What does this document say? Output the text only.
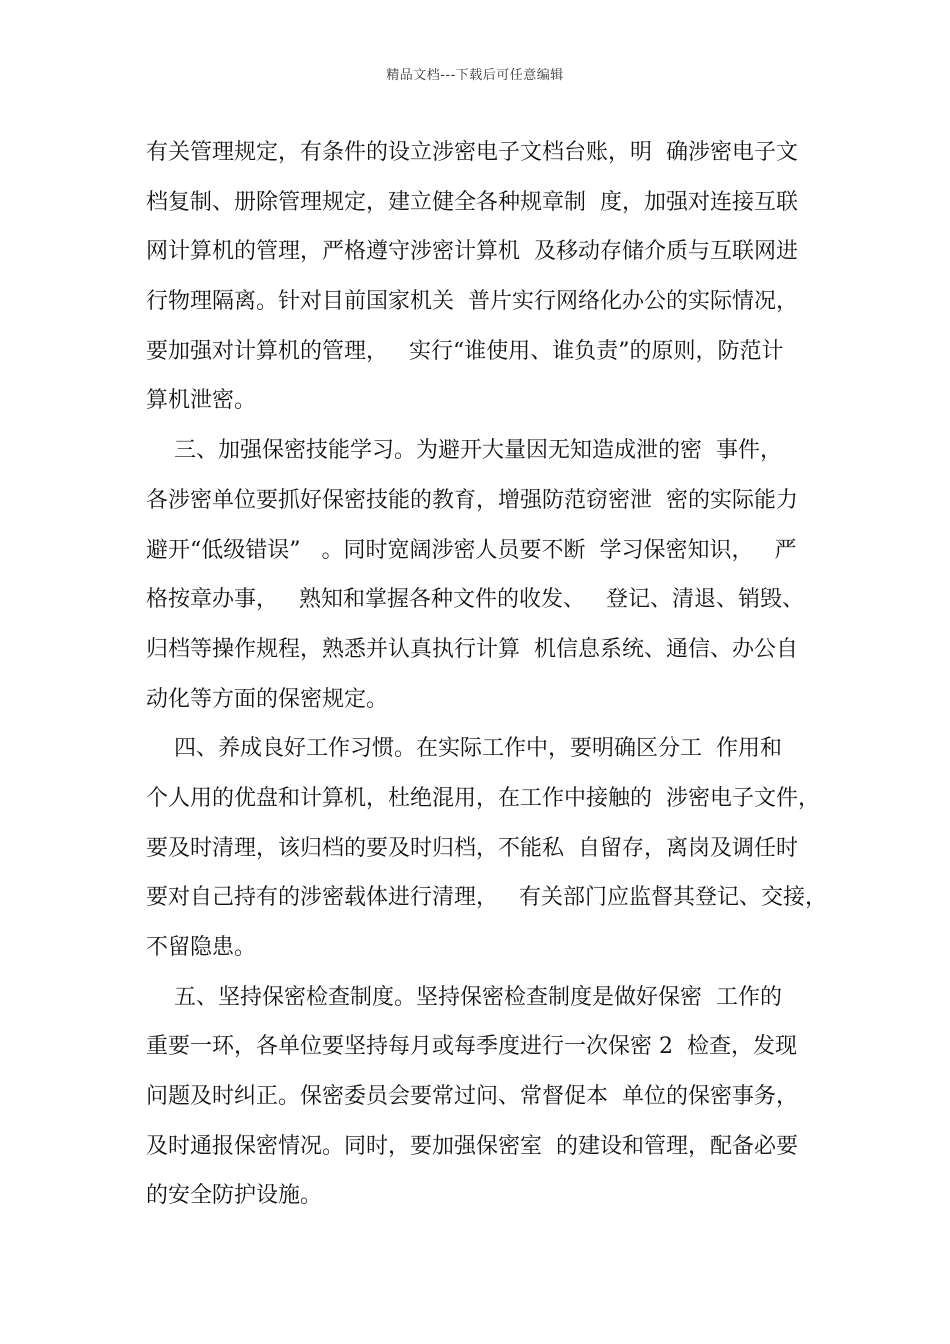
精品文档---下载后可任意编辑
有关管理规定，有条件的设立涉密电子文档台账，明  确涉密电子文
档复制、册除管理规定，建立健全各种规章制  度，加强对连接互联
网计算机的管理，严格遵守涉密计算机  及移动存储介质与互联网进
行物理隔离。针对目前国家机关  普片实行网络化办公的实际情况，
要加强对计算机的管理，   实行“谁使用、谁负责”的原则，防范计
算机泄密。
三、加强保密技能学习。为避开大量因无知造成泄的密  事件，
各涉密单位要抓好保密技能的教育，增强防范窃密泄  密的实际能力
避开“低级错误”   。同时宽阔涉密人员要不断  学习保密知识，   严
格按章办事，   熟知和掌握各种文件的收发、   登记、清退、销毁、
归档等操作规程，熟悉并认真执行计算  机信息系统、通信、办公自
动化等方面的保密规定。
四、养成良好工作习惯。在实际工作中，要明确区分工  作用和
个人用的优盘和计算机，杜绝混用，在工作中接触的  涉密电子文件，
要及时清理，该归档的要及时归档，不能私  自留存，离岗及调任时
要对自己持有的涉密载体进行清理，   有关部门应监督其登记、交接，
不留隐患。
五、坚持保密检查制度。坚持保密检查制度是做好保密  工作的
重要一环，各单位要坚持每月或每季度进行一次保密 2  检查，发现
问题及时纠正。保密委员会要常过问、常督促本  单位的保密事务，
及时通报保密情况。同时，要加强保密室  的建设和管理，配备必要
的安全防护设施。
